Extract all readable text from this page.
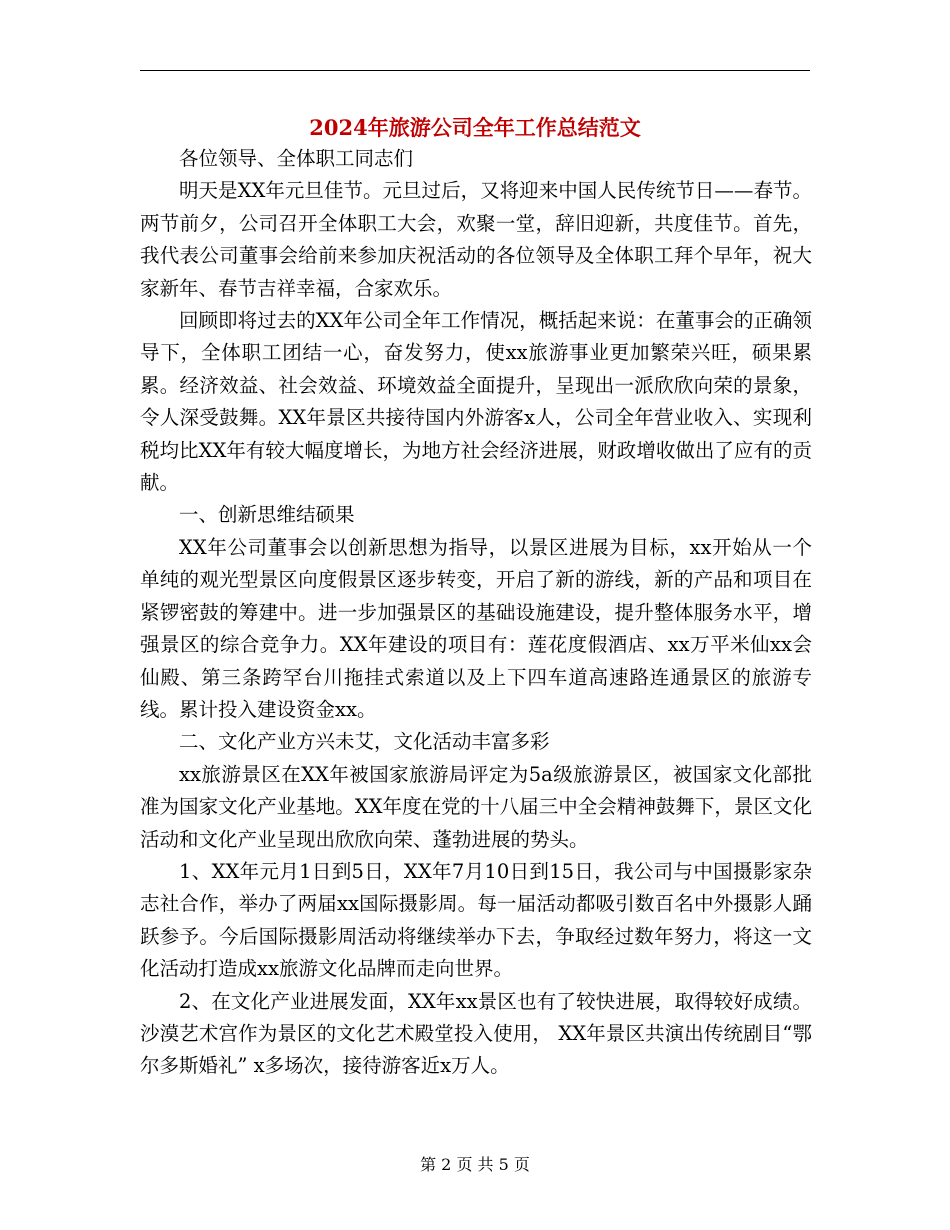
2024年旅游公司全年工作总结范文

各位领导、全体职工同志们

明天是XX年元旦佳节。元旦过后，又将迎来中国人民传统节日——春节。两节前夕，公司召开全体职工大会，欢聚一堂，辞旧迎新，共度佳节。首先，我代表公司董事会给前来参加庆祝活动的各位领导及全体职工拜个早年，祝大家新年、春节吉祥幸福，合家欢乐。

回顾即将过去的XX年公司全年工作情况，概括起来说：在董事会的正确领导下，全体职工团结一心，奋发努力，使xx旅游事业更加繁荣兴旺，硕果累累。经济效益、社会效益、环境效益全面提升，呈现出一派欣欣向荣的景象，令人深受鼓舞。XX年景区共接待国内外游客x人，公司全年营业收入、实现利税均比XX年有较大幅度增长，为地方社会经济进展，财政增收做出了应有的贡献。

一、创新思维结硕果

XX年公司董事会以创新思想为指导，以景区进展为目标，xx开始从一个单纯的观光型景区向度假景区逐步转变，开启了新的游线，新的产品和项目在紧锣密鼓的筹建中。进一步加强景区的基础设施建设，提升整体服务水平，增强景区的综合竞争力。XX年建设的项目有：莲花度假酒店、xx万平米仙xx会仙殿、第三条跨罕台川拖挂式索道以及上下四车道高速路连通景区的旅游专线。累计投入建设资金xx。

二、文化产业方兴未艾，文化活动丰富多彩

xx旅游景区在XX年被国家旅游局评定为5a级旅游景区，被国家文化部批准为国家文化产业基地。XX年度在党的十八届三中全会精神鼓舞下，景区文化活动和文化产业呈现出欣欣向荣、蓬勃进展的势头。

1、XX年元月1日到5日，XX年7月10日到15日，我公司与中国摄影家杂志社合作，举办了两届xx国际摄影周。每一届活动都吸引数百名中外摄影人踊跃参予。今后国际摄影周活动将继续举办下去，争取经过数年努力，将这一文化活动打造成xx旅游文化品牌而走向世界。

2、在文化产业进展发面，XX年xx景区也有了较快进展，取得较好成绩。沙漠艺术宫作为景区的文化艺术殿堂投入使用， XX年景区共演出传统剧目“鄂尔多斯婚礼” x多场次，接待游客近x万人。

第 2 页 共 5 页
